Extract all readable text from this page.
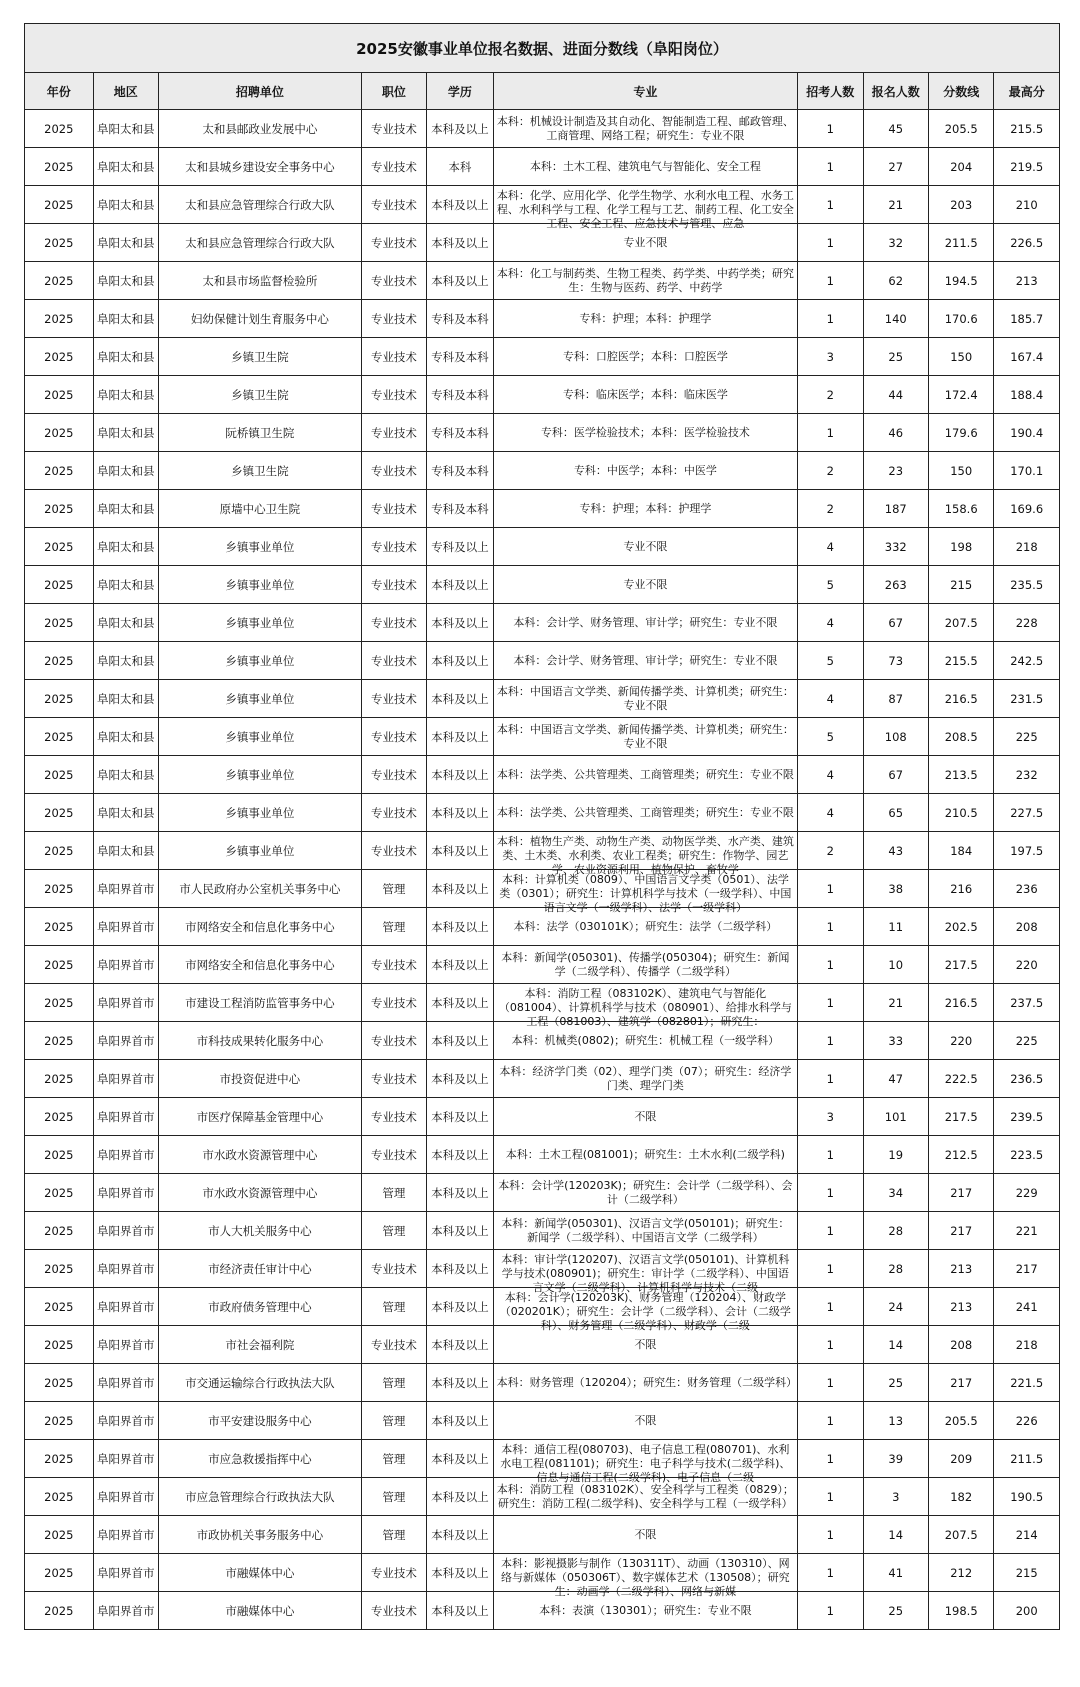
2025安徽事业单位报名数据、进面分数线（阜阳岗位）									
年份	地区	招聘单位	职位	学历	专业	招考人数	报名人数	分数线	最高分
2025	阜阳太和县	太和县邮政业发展中心	专业技术	本科及以上	本科：机械设计制造及其自动化、智能制造工程、邮政管理、工商管理、网络工程；研究生：专业不限	1	45	205.5	215.5
2025	阜阳太和县	太和县城乡建设安全事务中心	专业技术	本科	本科：土木工程、建筑电气与智能化、安全工程	1	27	204	219.5
2025	阜阳太和县	太和县应急管理综合行政大队	专业技术	本科及以上	本科：化学、应用化学、化学生物学、水利水电工程、水务工程、水利科学与工程、化学工程与工艺、制药工程、化工安全工程、安全工程、应急技术与管理、应急	1	21	203	210
2025	阜阳太和县	太和县应急管理综合行政大队	专业技术	本科及以上	专业不限	1	32	211.5	226.5
2025	阜阳太和县	太和县市场监督检验所	专业技术	本科及以上	本科：化工与制药类、生物工程类、药学类、中药学类；研究生：生物与医药、药学、中药学	1	62	194.5	213
2025	阜阳太和县	妇幼保健计划生育服务中心	专业技术	专科及本科	专科：护理；本科：护理学	1	140	170.6	185.7
2025	阜阳太和县	乡镇卫生院	专业技术	专科及本科	专科：口腔医学；本科：口腔医学	3	25	150	167.4
2025	阜阳太和县	乡镇卫生院	专业技术	专科及本科	专科：临床医学；本科：临床医学	2	44	172.4	188.4
2025	阜阳太和县	阮桥镇卫生院	专业技术	专科及本科	专科：医学检验技术；本科：医学检验技术	1	46	179.6	190.4
2025	阜阳太和县	乡镇卫生院	专业技术	专科及本科	专科：中医学；本科：中医学	2	23	150	170.1
2025	阜阳太和县	原墙中心卫生院	专业技术	专科及本科	专科：护理；本科：护理学	2	187	158.6	169.6
2025	阜阳太和县	乡镇事业单位	专业技术	专科及以上	专业不限	4	332	198	218
2025	阜阳太和县	乡镇事业单位	专业技术	本科及以上	专业不限	5	263	215	235.5
2025	阜阳太和县	乡镇事业单位	专业技术	本科及以上	本科：会计学、财务管理、审计学；研究生：专业不限	4	67	207.5	228
2025	阜阳太和县	乡镇事业单位	专业技术	本科及以上	本科：会计学、财务管理、审计学；研究生：专业不限	5	73	215.5	242.5
2025	阜阳太和县	乡镇事业单位	专业技术	本科及以上	本科：中国语言文学类、新闻传播学类、计算机类；研究生：专业不限	4	87	216.5	231.5
2025	阜阳太和县	乡镇事业单位	专业技术	本科及以上	本科：中国语言文学类、新闻传播学类、计算机类；研究生：专业不限	5	108	208.5	225
2025	阜阳太和县	乡镇事业单位	专业技术	本科及以上	本科：法学类、公共管理类、工商管理类；研究生：专业不限	4	67	213.5	232
2025	阜阳太和县	乡镇事业单位	专业技术	本科及以上	本科：法学类、公共管理类、工商管理类；研究生：专业不限	4	65	210.5	227.5
2025	阜阳太和县	乡镇事业单位	专业技术	本科及以上	本科：植物生产类、动物生产类、动物医学类、水产类、建筑类、土木类、水利类、农业工程类；研究生：作物学、园艺学、农业资源利用、植物保护、畜牧学	2	43	184	197.5
2025	阜阳界首市	市人民政府办公室机关事务中心	管理	本科及以上	本科：计算机类（0809）、中国语言文学类（0501）、法学类（0301）；研究生：计算机科学与技术（一级学科）、中国语言文学（一级学科）、法学（一级学科）	1	38	216	236
2025	阜阳界首市	市网络安全和信息化事务中心	管理	本科及以上	本科：法学（030101K）；研究生：法学（二级学科）	1	11	202.5	208
2025	阜阳界首市	市网络安全和信息化事务中心	专业技术	本科及以上	本科：新闻学(050301)、传播学(050304)；研究生：新闻学（二级学科）、传播学（二级学科）	1	10	217.5	220
2025	阜阳界首市	市建设工程消防监管事务中心	专业技术	本科及以上	本科：消防工程（083102K）、建筑电气与智能化（081004）、计算机科学与技术（080901）、给排水科学与工程（081003）、建筑学（082801）；研究生：	1	21	216.5	237.5
2025	阜阳界首市	市科技成果转化服务中心	专业技术	本科及以上	本科：机械类(0802)；研究生：机械工程（一级学科）	1	33	220	225
2025	阜阳界首市	市投资促进中心	专业技术	本科及以上	本科：经济学门类（02）、理学门类（07）；研究生：经济学门类、理学门类	1	47	222.5	236.5
2025	阜阳界首市	市医疗保障基金管理中心	专业技术	本科及以上	不限	3	101	217.5	239.5
2025	阜阳界首市	市水政水资源管理中心	专业技术	本科及以上	本科：土木工程(081001)；研究生：土木水利(二级学科)	1	19	212.5	223.5
2025	阜阳界首市	市水政水资源管理中心	管理	本科及以上	本科：会计学(120203K)；研究生：会计学（二级学科）、会计（二级学科）	1	34	217	229
2025	阜阳界首市	市人大机关服务中心	管理	本科及以上	本科：新闻学(050301)、汉语言文学(050101)；研究生：新闻学（二级学科）、中国语言文学（二级学科）	1	28	217	221
2025	阜阳界首市	市经济责任审计中心	专业技术	本科及以上	本科：审计学(120207)、汉语言文学(050101)、计算机科学与技术(080901)；研究生：审计学（二级学科）、中国语言文学（二级学科）、计算机科学与技术（二级	1	28	213	217
2025	阜阳界首市	市政府债务管理中心	管理	本科及以上	本科：会计学(120203K)、财务管理（120204）、财政学（020201K）；研究生：会计学（二级学科）、会计（二级学科）、财务管理（二级学科）、财政学（二级	1	24	213	241
2025	阜阳界首市	市社会福利院	专业技术	本科及以上	不限	1	14	208	218
2025	阜阳界首市	市交通运输综合行政执法大队	管理	本科及以上	本科：财务管理（120204）；研究生：财务管理（二级学科）	1	25	217	221.5
2025	阜阳界首市	市平安建设服务中心	管理	本科及以上	不限	1	13	205.5	226
2025	阜阳界首市	市应急救援指挥中心	管理	本科及以上	本科：通信工程(080703)、电子信息工程(080701)、水利水电工程(081101)；研究生：电子科学与技术(二级学科)、信息与通信工程(二级学科)、电子信息（二级	1	39	209	211.5
2025	阜阳界首市	市应急管理综合行政执法大队	管理	本科及以上	本科：消防工程（083102K）、安全科学与工程类（0829）；研究生：消防工程(二级学科)、安全科学与工程（一级学科）	1	3	182	190.5
2025	阜阳界首市	市政协机关事务服务中心	管理	本科及以上	不限	1	14	207.5	214
2025	阜阳界首市	市融媒体中心	专业技术	本科及以上	本科：影视摄影与制作（130311T）、动画（130310）、网络与新媒体（050306T）、数字媒体艺术（130508）；研究生：动画学（二级学科）、网络与新媒	1	41	212	215
2025	阜阳界首市	市融媒体中心	专业技术	本科及以上	本科：表演（130301）；研究生：专业不限	1	25	198.5	200
